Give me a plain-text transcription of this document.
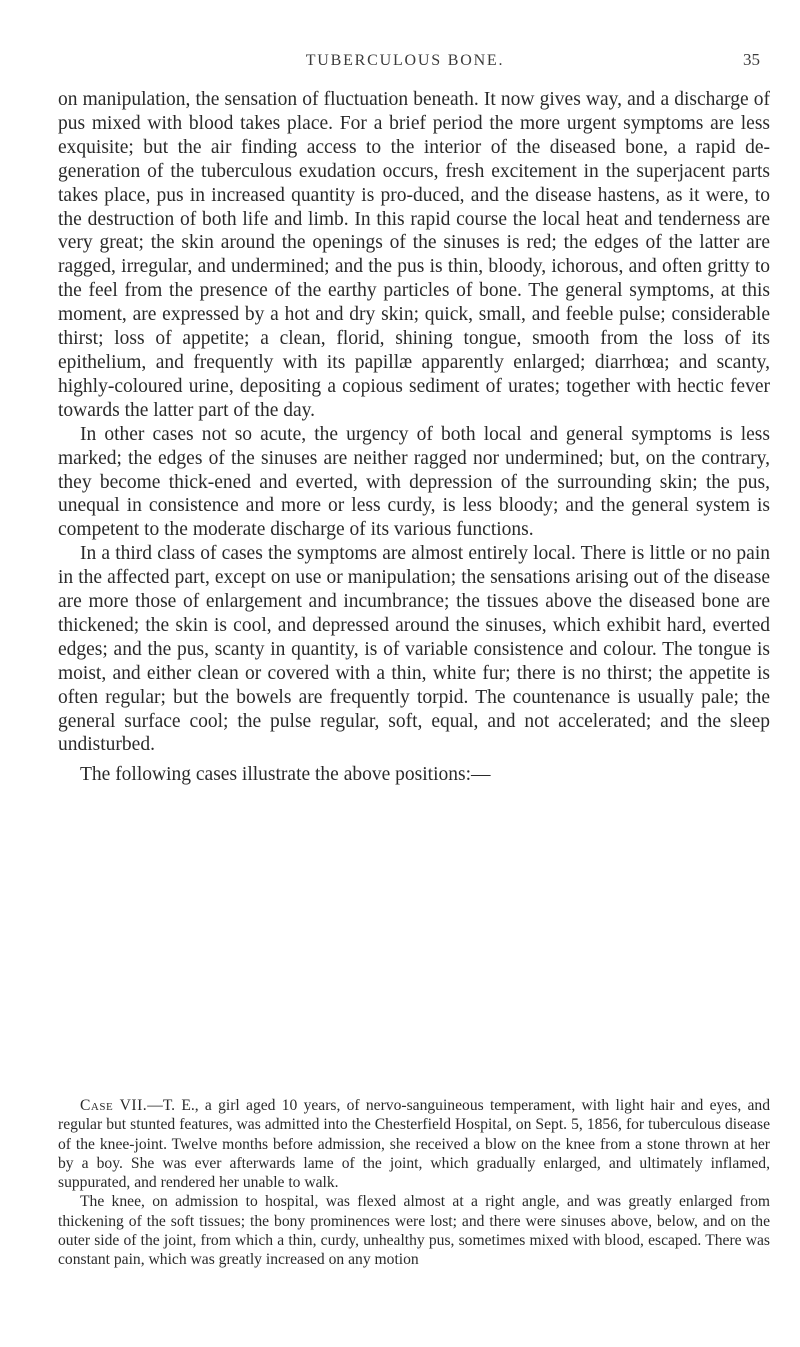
TUBERCULOUS BONE.	35

on manipulation, the sensation of fluctuation beneath. It now gives way, and a discharge of pus mixed with blood takes place. For a brief period the more urgent symptoms are less exquisite; but the air finding access to the interior of the diseased bone, a rapid de-generation of the tuberculous exudation occurs, fresh excitement in the superjacent parts takes place, pus in increased quantity is pro-duced, and the disease hastens, as it were, to the destruction of both life and limb. In this rapid course the local heat and tenderness are very great; the skin around the openings of the sinuses is red; the edges of the latter are ragged, irregular, and undermined; and the pus is thin, bloody, ichorous, and often gritty to the feel from the presence of the earthy particles of bone. The general symptoms, at this moment, are expressed by a hot and dry skin; quick, small, and feeble pulse; considerable thirst; loss of appetite; a clean, florid, shining tongue, smooth from the loss of its epithelium, and frequently with its papillæ apparently enlarged; diarrhœa; and scanty, highly-coloured urine, depositing a copious sediment of urates; together with hectic fever towards the latter part of the day.

In other cases not so acute, the urgency of both local and general symptoms is less marked; the edges of the sinuses are neither ragged nor undermined; but, on the contrary, they become thick-ened and everted, with depression of the surrounding skin; the pus, unequal in consistence and more or less curdy, is less bloody; and the general system is competent to the moderate discharge of its various functions.

In a third class of cases the symptoms are almost entirely local. There is little or no pain in the affected part, except on use or manipulation; the sensations arising out of the disease are more those of enlargement and incumbrance; the tissues above the diseased bone are thickened; the skin is cool, and depressed around the sinuses, which exhibit hard, everted edges; and the pus, scanty in quantity, is of variable consistence and colour. The tongue is moist, and either clean or covered with a thin, white fur; there is no thirst; the appetite is often regular; but the bowels are frequently torpid. The countenance is usually pale; the general surface cool; the pulse regular, soft, equal, and not accelerated; and the sleep undisturbed.

The following cases illustrate the above positions:—

Case VII.—T. E., a girl aged 10 years, of nervo-sanguineous temperament, with light hair and eyes, and regular but stunted features, was admitted into the Chesterfield Hospital, on Sept. 5, 1856, for tuberculous disease of the knee-joint. Twelve months before admission, she received a blow on the knee from a stone thrown at her by a boy. She was ever afterwards lame of the joint, which gradually enlarged, and ultimately inflamed, suppurated, and rendered her unable to walk.

The knee, on admission to hospital, was flexed almost at a right angle, and was greatly enlarged from thickening of the soft tissues; the bony prominences were lost; and there were sinuses above, below, and on the outer side of the joint, from which a thin, curdy, unhealthy pus, sometimes mixed with blood, escaped. There was constant pain, which was greatly increased on any motion
